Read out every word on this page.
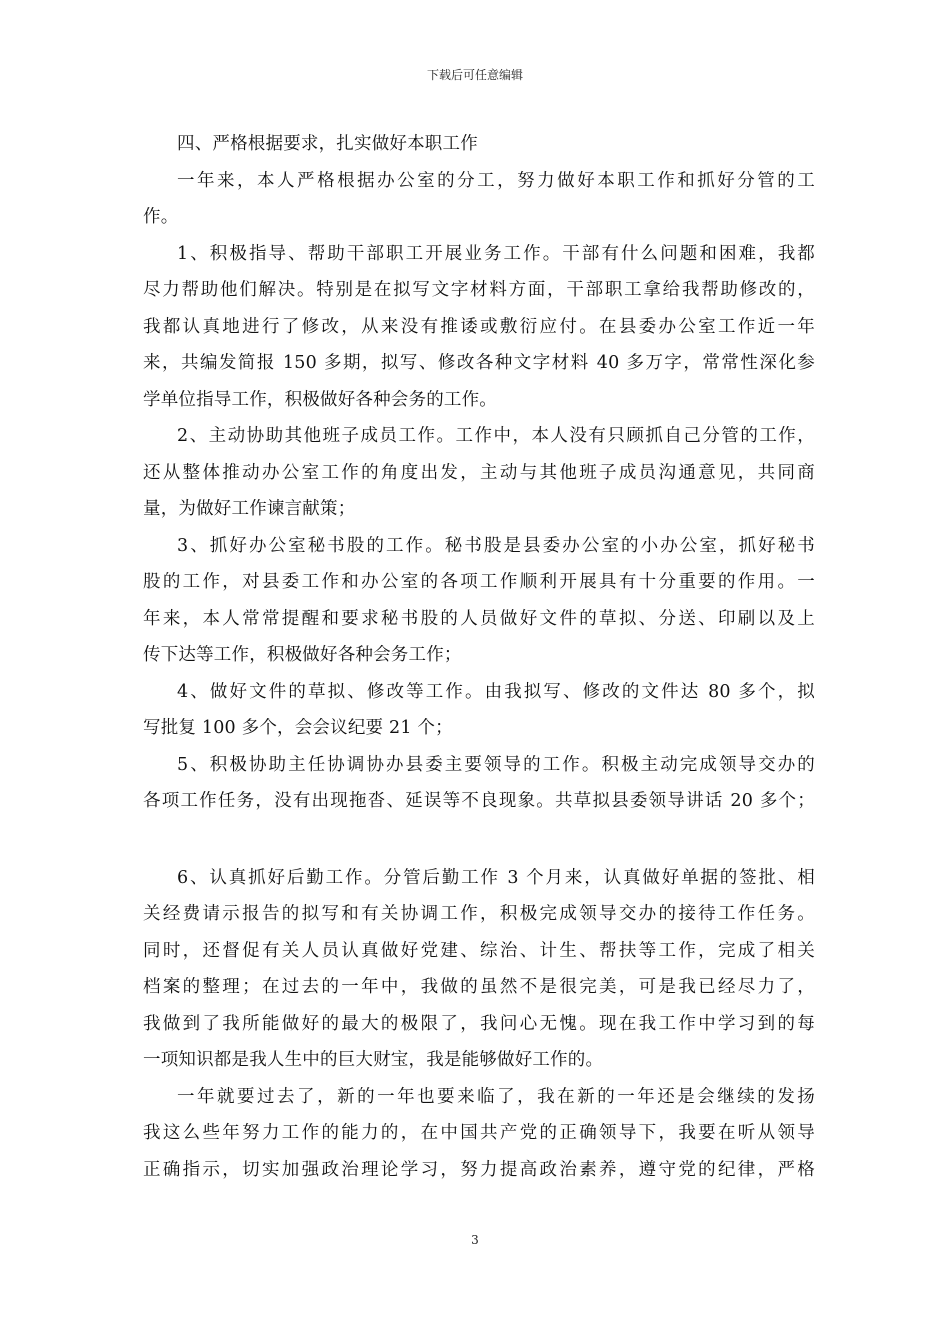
下载后可任意编辑
四、严格根据要求，扎实做好本职工作
一年来，本人严格根据办公室的分工，努力做好本职工作和抓好分管的工
作。
1、积极指导、帮助干部职工开展业务工作。干部有什么问题和困难，我都
尽力帮助他们解决。特别是在拟写文字材料方面，干部职工拿给我帮助修改的，
我都认真地进行了修改，从来没有推诿或敷衍应付。在县委办公室工作近一年
来，共编发简报 150 多期，拟写、修改各种文字材料 40 多万字，常常性深化参
学单位指导工作，积极做好各种会务的工作。
2、主动协助其他班子成员工作。工作中，本人没有只顾抓自己分管的工作，
还从整体推动办公室工作的角度出发，主动与其他班子成员沟通意见，共同商
量，为做好工作谏言献策；
3、抓好办公室秘书股的工作。秘书股是县委办公室的小办公室，抓好秘书
股的工作，对县委工作和办公室的各项工作顺利开展具有十分重要的作用。一
年来，本人常常提醒和要求秘书股的人员做好文件的草拟、分送、印刷以及上
传下达等工作，积极做好各种会务工作；
4、做好文件的草拟、修改等工作。由我拟写、修改的文件达 80 多个，拟
写批复 100 多个，会会议纪要 21 个；
5、积极协助主任协调协办县委主要领导的工作。积极主动完成领导交办的
各项工作任务，没有出现拖沓、延误等不良现象。共草拟县委领导讲话 20 多个；
6、认真抓好后勤工作。分管后勤工作 3 个月来，认真做好单据的签批、相
关经费请示报告的拟写和有关协调工作，积极完成领导交办的接待工作任务。
同时，还督促有关人员认真做好党建、综治、计生、帮扶等工作，完成了相关
档案的整理；在过去的一年中，我做的虽然不是很完美，可是我已经尽力了，
我做到了我所能做好的最大的极限了，我问心无愧。现在我工作中学习到的每
一项知识都是我人生中的巨大财宝，我是能够做好工作的。
一年就要过去了，新的一年也要来临了，我在新的一年还是会继续的发扬
我这么些年努力工作的能力的，在中国共产党的正确领导下，我要在听从领导
正确指示，切实加强政治理论学习，努力提高政治素养，遵守党的纪律，严格
3
